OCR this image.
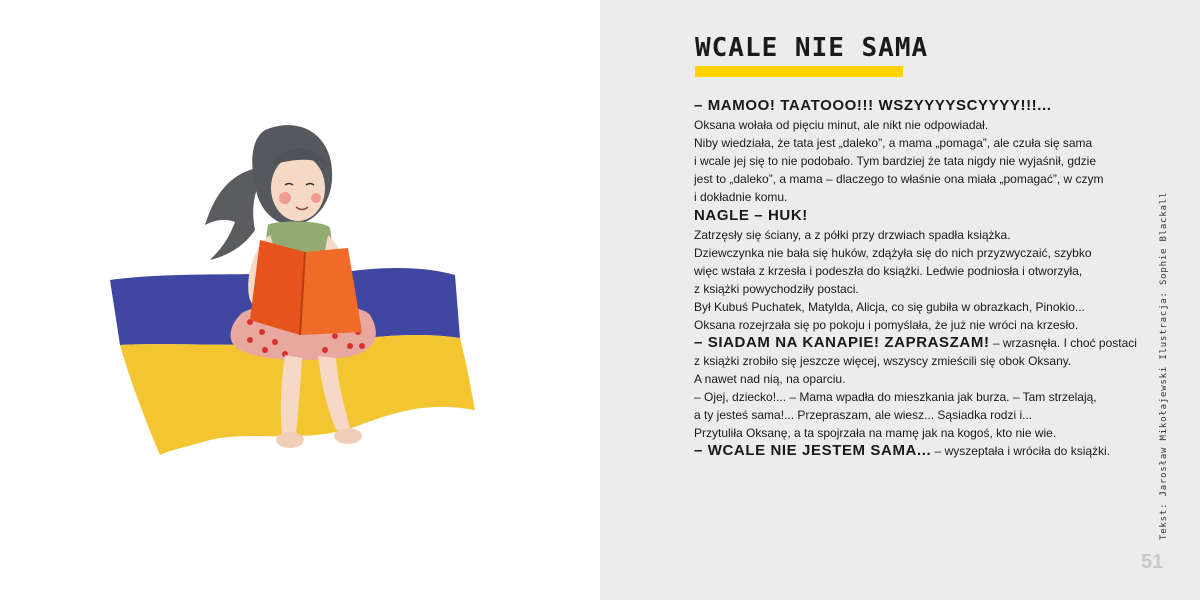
WCALE NIE SAMA
– MAMOO! TAATOOO!!! WSZYYYYSCYYYY!!!...
Oksana wołała od pięciu minut, ale nikt nie odpowiadał.
Niby wiedziała, że tata jest „daleko”, a mama „pomaga”, ale czuła się sama
i wcale jej się to nie podobało. Tym bardziej że tata nigdy nie wyjaśnił, gdzie
jest to „daleko”, a mama – dlaczego to właśnie ona miała „pomagać”, w czym
i dokładnie komu.
NAGLE – HUK!
Zatrzęsły się ściany, a z półki przy drzwiach spadła książka.
Dziewczynka nie bała się huków, zdążyła się do nich przyzwyczaić, szybko
więc wstała z krzesła i podeszła do książki. Ledwie podniosła i otworzyła,
z książki powychodziły postaci.
Był Kubuś Puchatek, Matylda, Alicja, co się gubiła w obrazkach, Pinokio...
Oksana rozejrzała się po pokoju i pomyślała, że już nie wróci na krzesło.
– SIADAM NA KANAPIE! ZAPRASZAM! – wrzasnęła. I choć postaci
z książki zrobiło się jeszcze więcej, wszyscy zmieścili się obok Oksany.
A nawet nad nią, na oparciu.
– Ojej, dziecko!... – Mama wpadła do mieszkania jak burza. – Tam strzelają,
a ty jesteś sama!... Przepraszam, ale wiesz... Sąsiadka rodzi i...
Przytuliła Oksanę, a ta spojrzała na mamę jak na kogoś, kto nie wie.
– WCALE NIE JESTEM SAMA... – wyszeptała i wróciła do książki.	Tekst: Jarosław Mikołajewski Ilustracja: Sophie Blackall
51
